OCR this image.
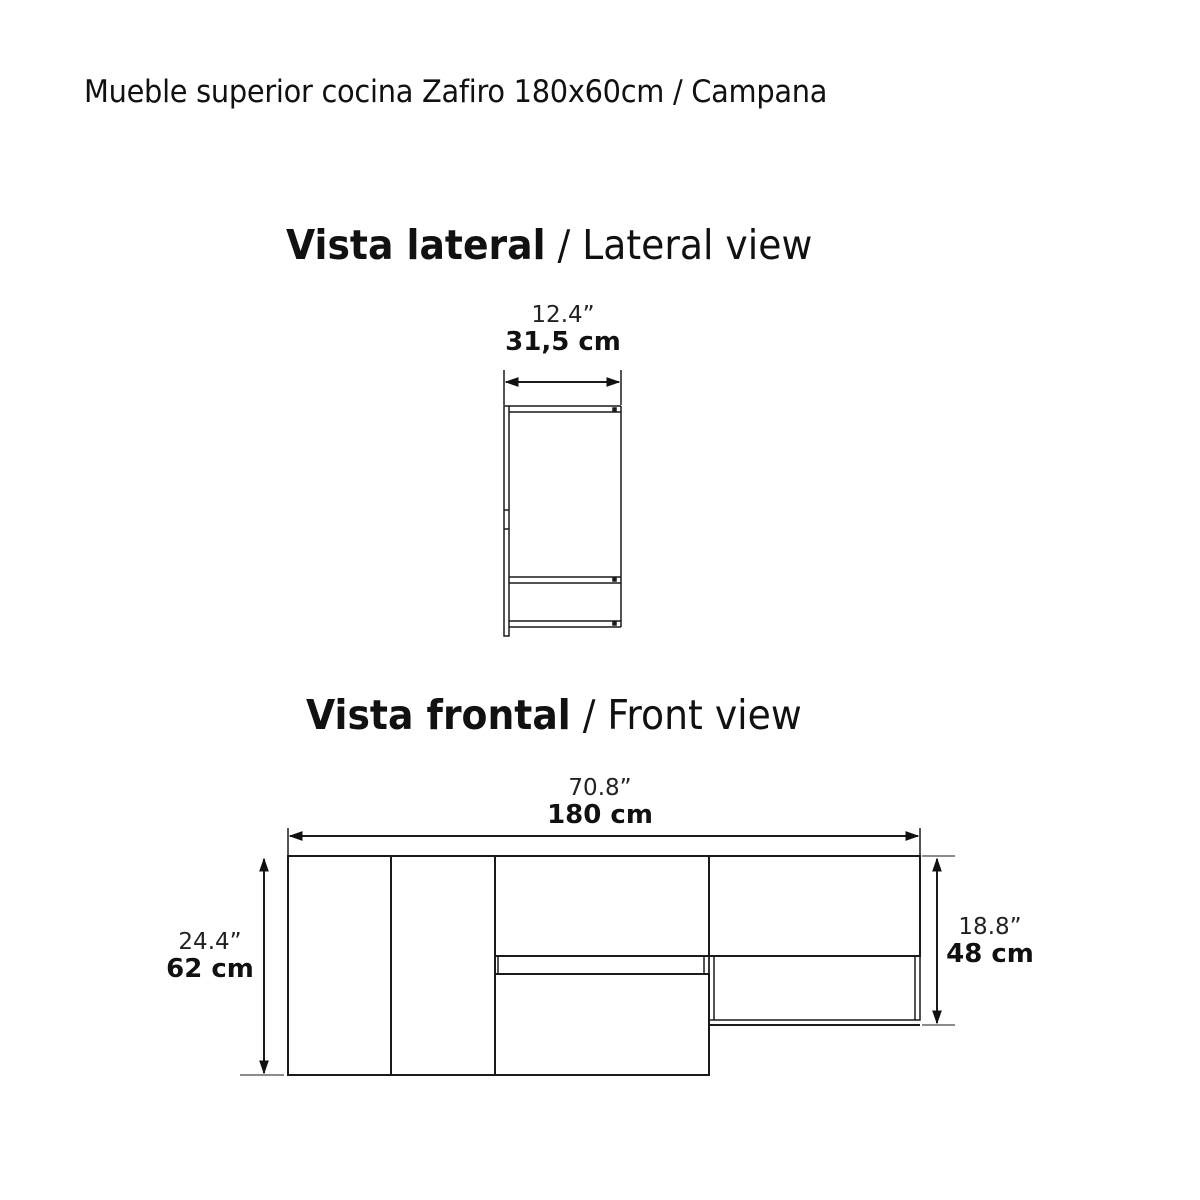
Mueble superior cocina Zafiro 180x60cm / Campana
Vista lateral / Lateral view
12.4”
31,5 cm
Vista frontal / Front view
70.8”
180 cm
24.4”
62 cm
18.8”
48 cm
